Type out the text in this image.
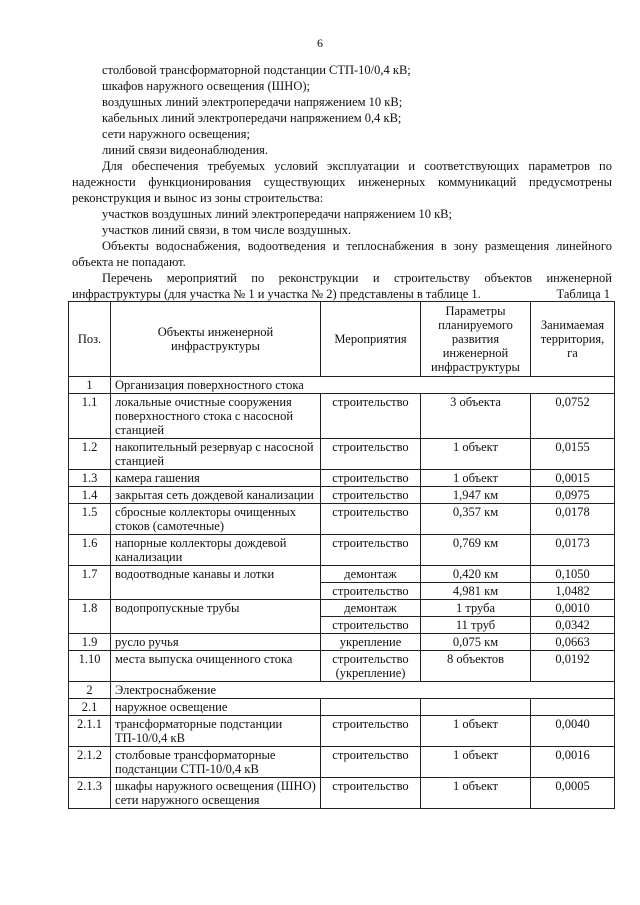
6

столбовой трансформаторной подстанции СТП-10/0,4 кВ;

шкафов наружного освещения (ШНО);

воздушных линий электропередачи напряжением 10 кВ;

кабельных линий электропередачи напряжением 0,4 кВ;

сети наружного освещения;

линий связи видеонаблюдения.

Для обеспечения требуемых условий эксплуатации и соответствующих параметров по надежности функционирования существующих инженерных коммуникаций предусмотрены реконструкция и вынос из зоны строительства:

участков воздушных линий электропередачи напряжением 10 кВ;

участков линий связи, в том числе воздушных.

Объекты водоснабжения, водоотведения и теплоснабжения в зону размещения линейного объекта не попадают.

Перечень мероприятий по реконструкции и строительству объектов инженерной инфраструктуры (для участка № 1 и участка № 2) представлены в таблице 1.	Таблица 1
Поз.	Объекты инженерной инфраструктуры	Мероприятия	Параметры планируемого развития инженерной инфраструктуры	Занимаемая территория, га
1	Организация поверхностного стока			
1.1	локальные очистные сооружения поверхностного стока с насосной станцией	строительство	3 объекта	0,0752
1.2	накопительный резервуар с насосной станцией	строительство	1 объект	0,0155
1.3	камера гашения	строительство	1 объект	0,0015
1.4	закрытая сеть дождевой канализации	строительство	1,947 км	0,0975
1.5	сбросные коллекторы очищенных стоков (самотечные)	строительство	0,357 км	0,0178
1.6	напорные коллекторы дождевой канализации	строительство	0,769 км	0,0173
1.7	водоотводные канавы и лотки	демонтаж	0,420 км	0,1050
		строительство	4,981 км	1,0482
1.8	водопропускные трубы	демонтаж	1 труба	0,0010
		строительство	11 труб	0,0342
1.9	русло ручья	укрепление	0,075 км	0,0663
1.10	места выпуска очищенного стока	строительство (укрепление)	8 объектов	0,0192
2	Электроснабжение			
2.1	наружное освещение			
2.1.1	трансформаторные подстанции ТП-10/0,4 кВ	строительство	1 объект	0,0040
2.1.2	столбовые трансформаторные подстанции СТП-10/0,4 кВ	строительство	1 объект	0,0016
2.1.3	шкафы наружного освещения (ШНО) сети наружного освещения	строительство	1 объект	0,0005
